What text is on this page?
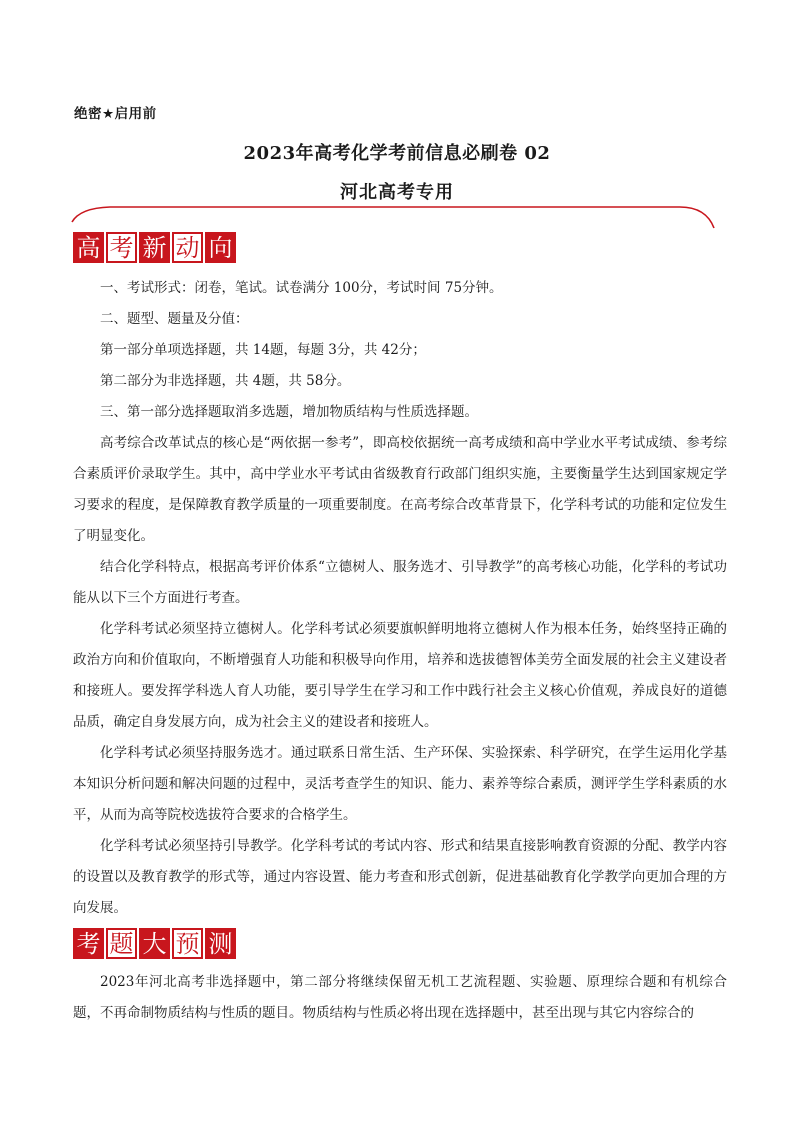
绝密★启用前
2023年高考化学考前信息必刷卷 02
河北高考专用
高 考 新 动 向

一、考试形式：闭卷，笔试。试卷满分 100分，考试时间 75分钟。

二、题型、题量及分值：

第一部分单项选择题，共 14题，每题 3分，共 42分；

第二部分为非选择题，共 4题，共 58分。

三、第一部分选择题取消多选题，增加物质结构与性质选择题。

高考综合改革试点的核心是“两依据一参考”，即高校依据统一高考成绩和高中学业水平考试成绩、参考综合素质评价录取学生。其中，高中学业水平考试由省级教育行政部门组织实施，主要衡量学生达到国家规定学习要求的程度，是保障教育教学质量的一项重要制度。在高考综合改革背景下，化学科考试的功能和定位发生了明显变化。

结合化学科特点，根据高考评价体系“立德树人、服务选才、引导教学”的高考核心功能，化学科的考试功能从以下三个方面进行考查。

化学科考试必须坚持立德树人。化学科考试必须要旗帜鲜明地将立德树人作为根本任务，始终坚持正确的政治方向和价值取向，不断增强育人功能和积极导向作用，培养和选拔德智体美劳全面发展的社会主义建设者和接班人。要发挥学科选人育人功能，要引导学生在学习和工作中践行社会主义核心价值观，养成良好的道德品质，确定自身发展方向，成为社会主义的建设者和接班人。

化学科考试必须坚持服务选才。通过联系日常生活、生产环保、实验探索、科学研究，在学生运用化学基本知识分析问题和解决问题的过程中，灵活考查学生的知识、能力、素养等综合素质，测评学生学科素质的水平，从而为高等院校选拔符合要求的合格学生。

化学科考试必须坚持引导教学。化学科考试的考试内容、形式和结果直接影响教育资源的分配、教学内容的设置以及教育教学的形式等，通过内容设置、能力考查和形式创新，促进基础教育化学教学向更加合理的方向发展。

考 题 大 预 测

2023年河北高考非选择题中，第二部分将继续保留无机工艺流程题、实验题、原理综合题和有机综合题，不再命制物质结构与性质的题目。物质结构与性质必将出现在选择题中，甚至出现与其它内容综合的
